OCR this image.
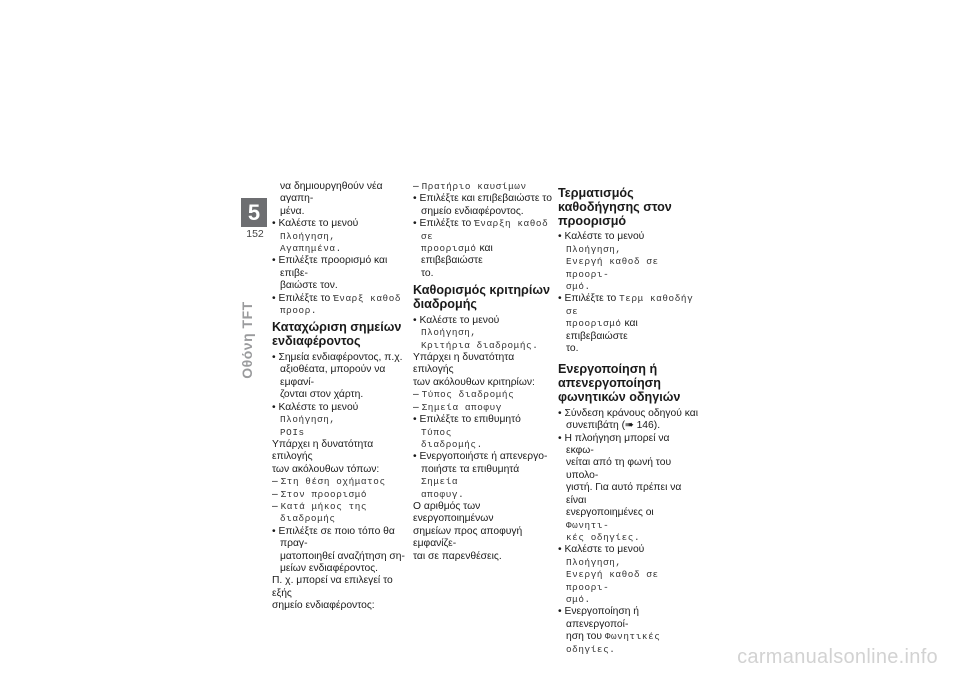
5
152
Οθόνη TFT

να δημιουργηθούν νέα αγαπη-

μένα.

• Καλέστε το μενού Πλοήγηση,

Αγαπημένα.

• Επιλέξτε προορισμό και επιβε-

βαιώστε τον.

• Επιλέξτε το Έναρξ καθοδ

προορ.

Καταχώριση σημείων ενδιαφέροντος

• Σημεία ενδιαφέροντος, π.χ.

αξιοθέατα, μπορούν να εμφανί-

ζονται στον χάρτη.

• Καλέστε το μενού Πλοήγηση,

POIs

Υπάρχει η δυνατότητα επιλογής

των ακόλουθων τόπων:

– Στη θέση οχήματος

– Στον προορισμό

– Κατά μήκος της διαδρομής

• Επιλέξτε σε ποιο τόπο θα πραγ-

ματοποιηθεί αναζήτηση ση-

μείων ενδιαφέροντος.

Π. χ. μπορεί να επιλεγεί το εξής

σημείο ενδιαφέροντος:

– Πρατήριο καυσίμων

• Επιλέξτε και επιβεβαιώστε το

σημείο ενδιαφέροντος.

• Επιλέξτε το Έναρξη καθοδ σε

προορισμό και επιβεβαιώστε

το.

Καθορισμός κριτηρίων διαδρομής

• Καλέστε το μενού Πλοήγηση,

Κριτήρια διαδρομής.

Υπάρχει η δυνατότητα επιλογής

των ακόλουθων κριτηρίων:

– Τύπος διαδρομής

– Σημεία αποφυγ

• Επιλέξτε το επιθυμητό Τύπος

διαδρομής.

• Ενεργοποιήστε ή απενεργο-

ποιήστε τα επιθυμητά Σημεία

αποφυγ.

Ο αριθμός των ενεργοποιημένων

σημείων προς αποφυγή εμφανίζε-

ται σε παρενθέσεις.

Τερματισμός καθοδήγησης στον προορισμό

• Καλέστε το μενού Πλοήγηση,

Ενεργή καθοδ σε προορι-

σμό.

• Επιλέξτε το Τερμ καθοδήγ σε

προορισμό και επιβεβαιώστε

το.

Ενεργοποίηση ή απενεργοποίηση φωνητικών οδηγιών

• Σύνδεση κράνους οδηγού και

συνεπιβάτη (➠ 146).

• Η πλοήγηση μπορεί να εκφω-

νείται από τη φωνή του υπολο-

γιστή. Για αυτό πρέπει να είναι

ενεργοποιημένες οι Φωνητι-

κές οδηγίες.

• Καλέστε το μενού Πλοήγηση,

Ενεργή καθοδ σε προορι-

σμό.

• Ενεργοποίηση ή απενεργοποί-

ηση του Φωνητικές οδηγίες.	carmanualsonline.info
